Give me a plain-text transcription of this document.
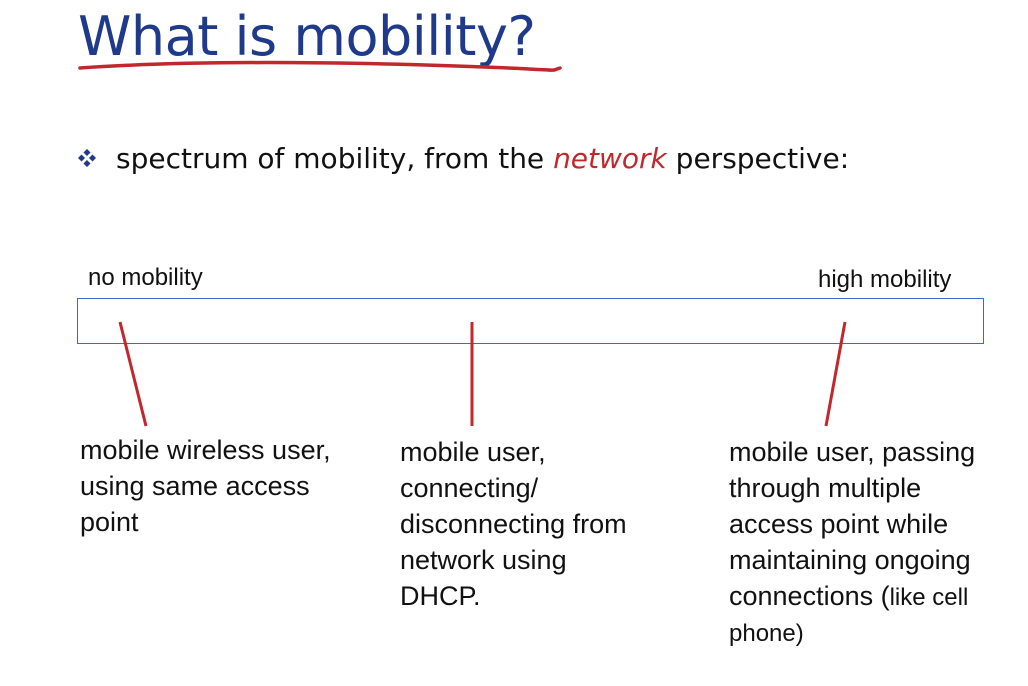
What is mobility?
spectrum of mobility, from the network perspective:
no mobility	high mobility
mobile wireless user,
using same access
point
mobile user,
connecting/
disconnecting from
network using
DHCP.
mobile user, passing
through multiple
access point while
maintaining ongoing
connections (like cell
phone)
